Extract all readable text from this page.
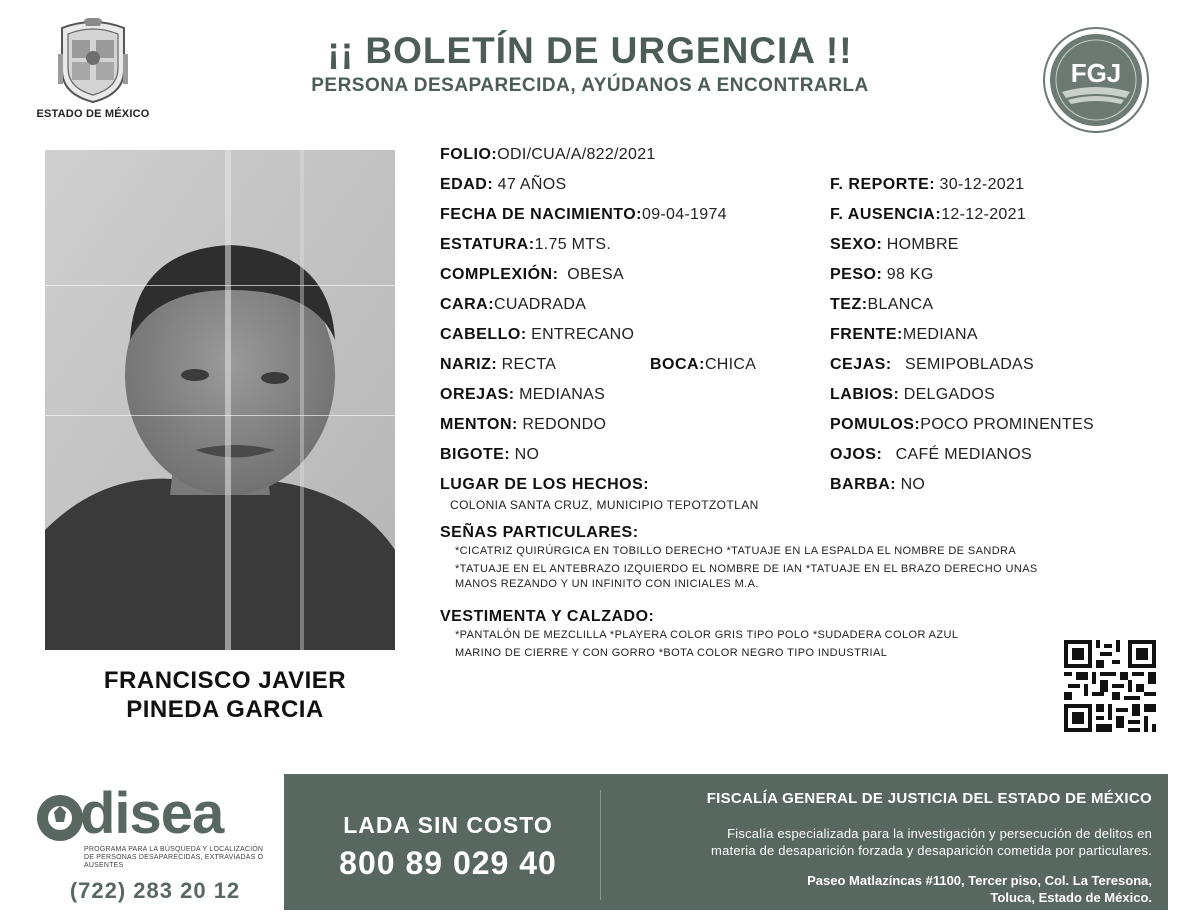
ESTADO DE MÉXICO
¡¡ BOLETÍN DE URGENCIA !!
PERSONA DESAPARECIDA, AYÚDANOS A ENCONTRARLA	FGJ
FRANCISCO JAVIER
PINEDA GARCIA
FOLIO:ODI/CUA/A/822/2021
EDAD: 47 AÑOS
FECHA DE NACIMIENTO:09-04-1974
ESTATURA:1.75 MTS.
COMPLEXIÓN: OBESA
CARA:CUADRADA
CABELLO: ENTRECANO
NARIZ: RECTA	BOCA:CHICA
OREJAS: MEDIANAS
MENTON: REDONDO
BIGOTE: NO
LUGAR DE LOS HECHOS:
COLONIA SANTA CRUZ, MUNICIPIO TEPOTZOTLAN
F. REPORTE: 30-12-2021
F. AUSENCIA:12-12-2021
SEXO: HOMBRE
PESO: 98 KG
TEZ:BLANCA
FRENTE:MEDIANA
CEJAS: SEMIPOBLADAS
LABIOS: DELGADOS
POMULOS:POCO PROMINENTES
OJOS: CAFÉ MEDIANOS
BARBA: NO
SEÑAS PARTICULARES:
*CICATRIZ QUIRÚRGICA EN TOBILLO DERECHO *TATUAJE EN LA ESPALDA EL NOMBRE DE SANDRA
*TATUAJE EN EL ANTEBRAZO IZQUIERDO EL NOMBRE DE IAN *TATUAJE EN EL BRAZO DERECHO UNAS
MANOS REZANDO Y UN INFINITO CON INICIALES M.A.
VESTIMENTA Y CALZADO:
*PANTALÓN DE MEZCLILLA *PLAYERA COLOR GRIS TIPO POLO *SUDADERA COLOR AZUL
MARINO DE CIERRE Y CON GORRO *BOTA COLOR NEGRO TIPO INDUSTRIAL
disea
PROGRAMA PARA LA BÚSQUEDA Y LOCALIZACIÓN DE PERSONAS DESAPARECIDAS, EXTRAVIADAS O AUSENTES
(722) 283 20 12
LADA SIN COSTO
800 89 029 40
FISCALÍA GENERAL DE JUSTICIA DEL ESTADO DE MÉXICO
Fiscalía especializada para la investigación y persecución de delitos en
materia de desaparición forzada y desaparición cometida por particulares.
Paseo Matlazíncas #1100, Tercer piso, Col. La Teresona,
Toluca, Estado de México.
